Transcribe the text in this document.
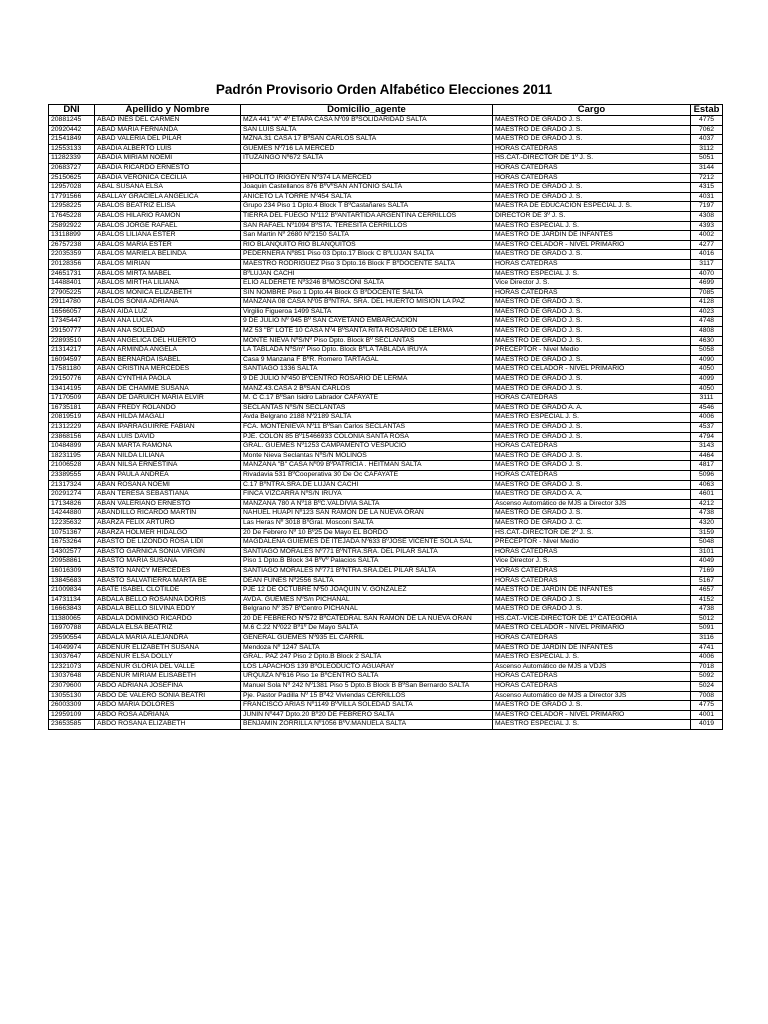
Padrón Provisorio Orden Alfabético Elecciones 2011
DNI	Apellido y Nombre	Domicilio_agente	Cargo	Estab
20881245	ABAD INES DEL CARMEN	MZA 441 "A" 4º ETAPA CASA Nº09 BºSOLIDARIDAD SALTA	MAESTRO DE GRADO J. S.	4775
20920442	ABAD MARIA FERNANDA	SAN LUIS SALTA	MAESTRO DE GRADO J. S.	7062
21541849	ABAD VALERIA DEL PILAR	MZNA.31 CASA 17 BºSAN CARLOS SALTA	MAESTRO DE GRADO J. S.	4037
12553133	ABADIA ALBERTO LUIS	GUEMES Nº716 LA MERCED	HORAS CATEDRAS	3112
11282339	ABADIA MIRIAM NOEMI	ITUZAINGO Nº672 SALTA	HS.CAT.-DIRECTOR DE 1º J. S.	5051
20683727	ABADIA RICARDO ERNESTO		HORAS CATEDRAS	3144
25150625	ABADIA VERONICA CECILIA	HIPOLITO IRIGOYEN Nº374 LA MERCED	HORAS CATEDRAS	7212
12957028	ABAL SUSANA ELSA	Joaquin Castellanos 876 BºVºSAN ANTONIO SALTA	MAESTRO DE GRADO J. S.	4315
17791566	ABALLAY GRACIELA ANGELICA	ANICETO LA TORRE Nº454 SALTA	MAESTRO DE GRADO J. S.	4031
12958225	ABALOS BEATRIZ ELISA	Grupo 234 Piso 1 Dpto.4 Block T BºCastañares SALTA	MAESTRA DE EDUCACION ESPECIAL J. S.	7197
17645228	ABALOS HILARIO RAMON	TIERRA DEL FUEGO Nº112 BºANTARTIDA ARGENTINA CERRILLOS	DIRECTOR DE 3º J. S.	4308
25892922	ABALOS JORGE RAFAEL	SAN RAFAEL Nº1094 BºSTA. TERESITA CERRILLOS	MAESTRO ESPECIAL J. S.	4393
13118899	ABALOS LILIANA ESTER	San Martin Nº 2680 Nº2150 SALTA	MAESTRO DE JARDIN DE INFANTES	4002
26757238	ABALOS MARIA ESTER	RIO BLANQUITO RIO BLANQUITOS	MAESTRO CELADOR - NIVEL PRIMARIO	4277
22035359	ABALOS MARIELA BELINDA	PEDERNERA Nº851 Piso 03 Dpto.17 Block C BºLUJAN SALTA	MAESTRO DE GRADO J. S.	4016
20128356	ABALOS MIRIAN	MAESTRO RODRIGUEZ Piso 3 Dpto.16 Block F BºDOCENTE SALTA	HORAS CATEDRAS	3117
24651731	ABALOS MIRTA MABEL	BºLUJAN CACHI	MAESTRO ESPECIAL J. S.	4070
14488401	ABALOS MIRTHA LILIANA	ELIO ALDERETE Nº3246 BºMOSCONI SALTA	Vice Director J. S.	4699
27905225	ABALOS MONICA ELIZABETH	SIN NOMBRE Piso 1 Dpto.44 Block G BºDOCENTE SALTA	HORAS CATEDRAS	7085
29114780	ABALOS SONIA ADRIANA	MANZANA 08 CASA Nº05 BºNTRA. SRA. DEL HUERTO MISION LA PAZ	MAESTRO DE GRADO J. S.	4128
16566057	ABAN AIDA LUZ	Virgilio Figueroa 1499 SALTA	MAESTRO DE GRADO J. S.	4023
17345447	ABAN ANA LUCIA	9 DE JULIO Nº 945 Bº SAN CAYETANO EMBARCACIÓN	MAESTRO DE GRADO J. S.	4748
29150777	ABAN ANA SOLEDAD	MZ 53 "B" LOTE 10 CASA Nº4 BºSANTA RITA ROSARIO DE LERMA	MAESTRO DE GRADO J. S.	4808
22893510	ABAN ANGELICA DEL HUERTO	MONTE NIEVA NºS/Nº Piso Dpto. Block Bº SECLANTAS	MAESTRO DE GRADO J. S.	4630
21314217	ABAN ARMINDA ANGELA	LA TABLADA NºS/nº Piso Dpto. Block BºLA TABLADA IRUYA	PRECEPTOR - Nivel Medio	5058
16094597	ABAN BERNARDA ISABEL	Casa 9 Manzana F BºR. Romero TARTAGAL	MAESTRO DE GRADO J. S.	4090
17581180	ABAN CRISTINA MERCEDES	SANTIAGO 1336 SALTA	MAESTRO CELADOR - NIVEL PRIMARIO	4050
29150776	ABAN CYNTHIA PAOLA	9 DE JULIO Nº450 BºCENTRO ROSARIO DE LERMA	MAESTRO DE GRADO J. S.	4099
13414195	ABAN DE CHAMME SUSANA	MANZ.43.CASA 2 BºSAN CARLOS	MAESTRO DE GRADO J. S.	4050
17170509	ABAN DE DARUICH MARIA ELVIR	M. C C.17 BºSan Isidro Labrador CAFAYATE	HORAS CATEDRAS	3111
16735181	ABAN FREDY ROLANDO	SECLANTAS NºS/N SECLANTAS	MAESTRO DE GRADO A. A.	4546
20819519	ABAN HILDA MAGALI	Avda Belgrano 2188 Nº2189 SALTA	MAESTRO ESPECIAL J. S.	4006
21312229	ABAN IPARRAGUIRRE FABIAN	FCA. MONTENIEVA Nº11 BºSan Carlos SECLANTAS	MAESTRO DE GRADO J. S.	4537
23868156	ABAN LUIS DAVID	PJE. COLON 85 Bº15466933 COLONIA SANTA ROSA	MAESTRO DE GRADO J. S.	4794
10484899	ABAN MARTA RAMONA	GRAL. GUEMES Nº1253 CAMPAMENTO VESPUCIO	HORAS CATEDRAS	3143
18231195	ABAN NILDA LILIANA	Monte Nieva Seclantas NºS/N MOLINOS	MAESTRO DE GRADO J. S.	4464
21006528	ABAN NILSA ERNESTINA	MANZANA "B" CASA Nº09 BºPATRICIA . HEITMAN SALTA	MAESTRO DE GRADO J. S.	4817
23389555	ABAN PAULA ANDREA	Rivadavia 531 BºCooperativa 30 De Oc CAFAYATE	HORAS CATEDRAS	5096
21317324	ABAN ROSANA NOEMI	C.17 BºNTRA.SRA.DE LUJAN CACHI	MAESTRO DE GRADO J. S.	4063
20291274	ABAN TERESA SEBASTIANA	FINCA VIZCARRA NºS/N IRUYA	MAESTRO DE GRADO A. A.	4601
17134826	ABAN VALERIANO ERNESTO	MANZANA 780 A Nº18 BºC.VALDIVIA SALTA	Ascenso Automático de MJS a Director 3JS	4212
14244880	ABANDILLO RICARDO MARTIN	NAHUEL HUAPI Nº123 SAN RAMON DE LA NUEVA ORAN	MAESTRO DE GRADO J. S.	4738
12235632	ABARZA FELIX ARTURO	Las Heras Nº 3018 BºGral. Mosconi SALTA	MAESTRO DE GRADO J. C.	4320
10751367	ABARZA HOLMER HIDALGO	20 De Febrero Nº 10 Bº25 De Mayo EL BORDO	HS.CAT.-DIRECTOR DE 2º J. S.	3159
16753264	ABASTO DE LIZONDO ROSA LIDI	MAGDALENA GUIEMES DE ITEJADA Nº633 BºJOSE VICENTE SOLA SAL	PRECEPTOR - Nivel Medio	5048
14302577	ABASTO GARNICA SONIA VIRGIN	SANTIAGO MORALES Nº771 BºNTRA.SRA. DEL PILAR SALTA	HORAS CATEDRAS	3101
20958861	ABASTO MARIA SUSANA	Piso 1 Dpto.B Block 34 BºVº Palacios SALTA	Vice Director J. S.	4049
16016309	ABASTO NANCY MERCEDES	SANTIAGO MORALES Nº771 BºNTRA.SRA.DEL PILAR SALTA	HORAS CATEDRAS	7169
13845683	ABASTO SALVATIERRA MARTA BE	DEAN FUNES Nº2556 SALTA	HORAS CATEDRAS	5167
21009834	ABATE ISABEL CLOTILDE	PJE 12 DE OCTUBRE Nº50 JOAQUIN V. GONZALEZ	MAESTRO DE JARDIN DE INFANTES	4657
14731134	ABDALA BELLO ROSANNA DORIS	AVDA. GUEMES NºS/n PICHANAL	MAESTRO DE GRADO J. S.	4152
16663843	ABDALA BELLO SILVINA EDDY	Belgrano Nº 357 BºCentro PICHANAL	MAESTRO DE GRADO J. S.	4738
11380065	ABDALA DOMINGO RICARDO	20 DE FEBRERO Nº572 BºCATEDRAL SAN RAMON DE LA NUEVA ORAN	HS.CAT.-VICE-DIRECTOR DE 1º CATEGORIA	5012
16970788	ABDALA ELSA BEATRIZ	M.6 C.22 Nº022 Bº1º De Mayo SALTA	MAESTRO CELADOR - NIVEL PRIMARIO	5091
29590554	ABDALA MARIA ALEJANDRA	GENERAL GÜEMES Nº935 EL CARRIL	HORAS CATEDRAS	3116
14049974	ABDENUR ELIZABETH SUSANA	Mendoza Nº 1247 SALTA	MAESTRO DE JARDIN DE INFANTES	4741
13037647	ABDENUR ELSA DOLLY	GRAL. PAZ 247 Piso 2 Dpto.B Block 2 SALTA	MAESTRO ESPECIAL J. S.	4006
12321073	ABDENUR GLORIA DEL VALLE	LOS LAPACHOS 139 BºOLEODUCTO AGUARAY	Ascenso Automático de MJS a VDJS	7018
13037648	ABDENUR MIRIAM ELISABETH	URQUIZA Nº616 Piso 1e BºCENTRO SALTA	HORAS CATEDRAS	5092
23079600	ABDO ADRIANA JOSEFINA	Manuel Sola Nº 242 Nº1381 Piso 5 Dpto.B Block B BºSan Bernardo SALTA	HORAS CATEDRAS	5024
13055130	ABDO DE VALERO SONIA BEATRI	Pje. Pastor Padilla Nº 15 Bº42 Viviendas CERRILLOS	Ascenso Automático de MJS a Director 3JS	7008
26003309	ABDO MARIA DOLORES	FRANCISCO ARIAS Nº1149 BºVILLA SOLEDAD SALTA	MAESTRO DE GRADO J. S.	4775
12959109	ABDO ROSA ADRIANA	JUNIN Nº447 Dpto.20 Bº20 DE FEBRERO SALTA	MAESTRO CELADOR - NIVEL PRIMARIO	4001
23653585	ABDO ROSANA ELIZABETH	BENJAMIN ZORRILLA Nº1056 BºV.MANUELA SALTA	MAESTRO ESPECIAL J. S.	4019
